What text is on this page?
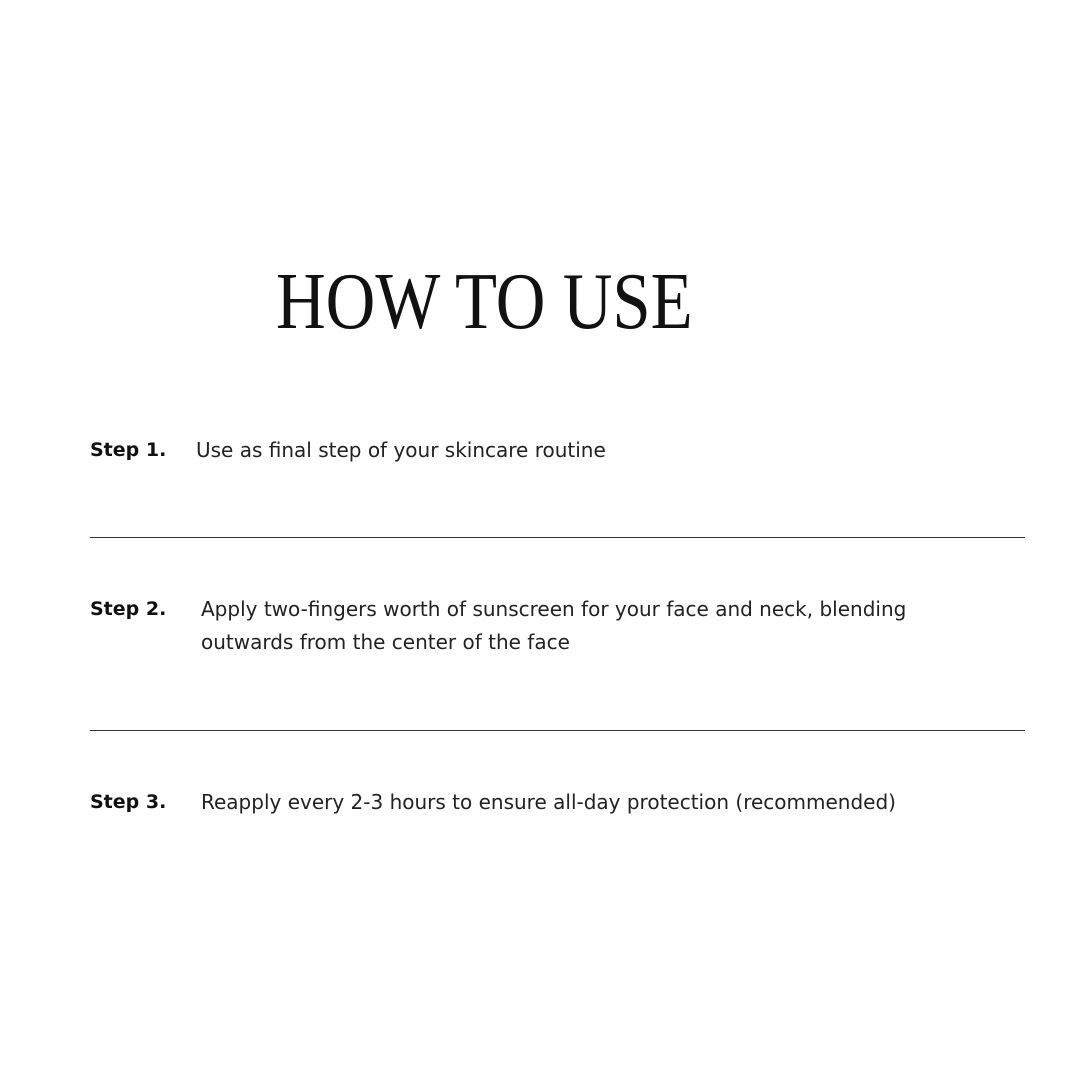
HOW TO USE
Step 1. Use as final step of your skincare routine
Step 2. Apply two-fingers worth of sunscreen for your face and neck, blending outwards from the center of the face
Step 3. Reapply every 2-3 hours to ensure all-day protection (recommended)
